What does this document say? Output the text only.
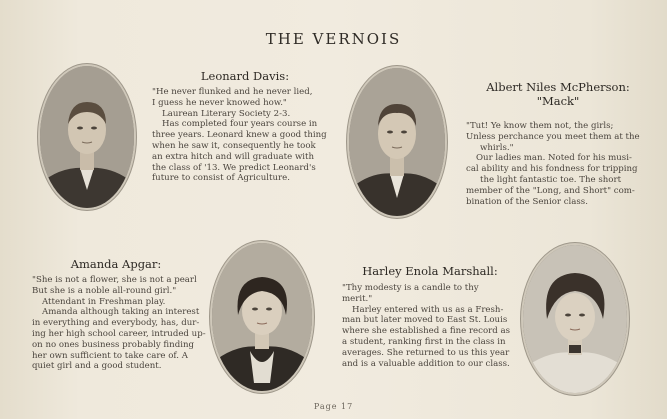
THE VERNOIS
Leonard Davis:

"He never flunked and he never lied,

I guess he never knowed how."

Laurean Literary Society 2-3.

Has completed four years course in

three years. Leonard knew a good thing

when he saw it, consequently he took

an extra hitch and will graduate with

the class of '13. We predict Leonard's

future to consist of Agriculture.

Albert Niles McPherson:
"Mack"

"Tut! Ye know them not, the girls;

Unless perchance you meet them at the

whirls."

Our ladies man. Noted for his musi-

cal ability and his fondness for tripping

the light fantastic toe. The short

member of the "Long, and Short" com-

bination of the Senior class.

Amanda Apgar:

"She is not a flower, she is not a pearl

But she is a noble all-round girl."

Attendant in Freshman play.

Amanda although taking an interest

in everything and everybody, has, dur-

ing her high school career, intruded up-

on no ones business probably finding

her own sufficient to take care of. A

quiet girl and a good student.

Harley Enola Marshall:

"Thy modesty is a candle to thy

merit."

Harley entered with us as a Fresh-

man but later moved to East St. Louis

where she established a fine record as

a student, ranking first in the class in

averages. She returned to us this year

and is a valuable addition to our class.

Page 17
